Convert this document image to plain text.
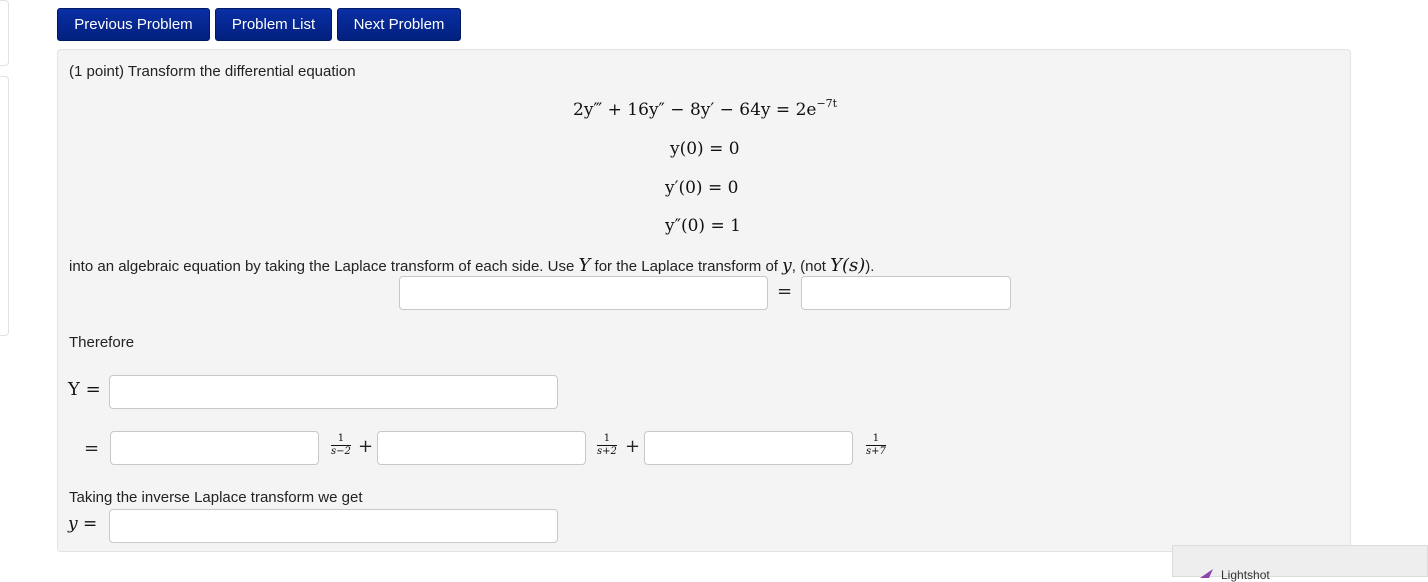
Previous Problem	Problem List	Next Problem
(1 point) Transform the differential equation
2y‴ + $16y'' - 8y' - 64y = 2e^{-7t}$
y(0) = 0
y′(0) = 0
y″(0) = 1
into an algebraic equation by taking the Laplace transform of each side. Use Y for the Laplace transform of y, (not Y(s)).
=
Therefore
Y =
=	1
s−2 +	1
s+2 +	1
s+7
Taking the inverse Laplace transform we get
y =
Lightshot
